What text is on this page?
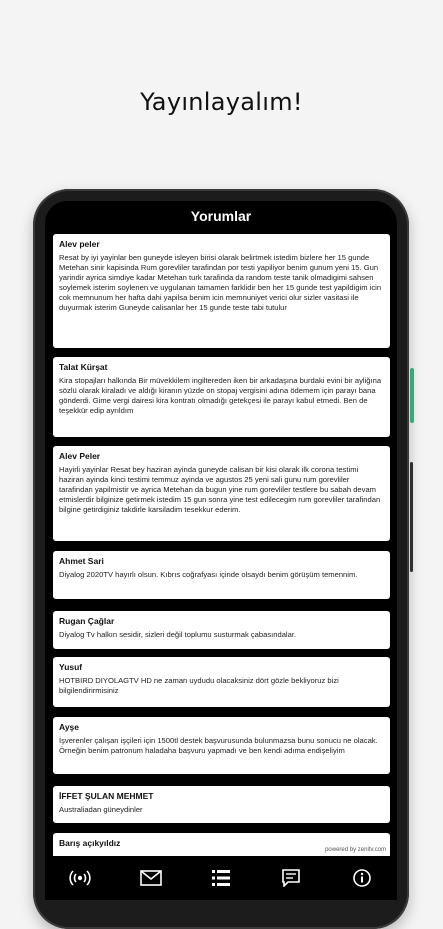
Yayınlayalım!
Yorumlar
Alev peler
Resat by iyi yayinlar ben guneyde isleyen birisi olarak belirtmek istedim bizlere her 15 gunde Metehan sinir kapisinda Rum gorevliler tarafindan por testi yapiliyor benim gunum yeni 15. Gun yarindir ayrica simdiye kadar Metehan turk tarafinda da random teste tanik olmadigimi sahsen soylemek isterim soylenen ve uygulanan tamamen farklidir ben her 15 gunde test yapildigim icin cok memnunum her hafta dahi yapilsa benim icin memnuniyet verici olur sizler vasitasi ile duyurmak isterim Guneyde calisanlar her 15 gunde teste tabi tutulur
Talat Kürşat
Kira stopajları halkında Bir müvekkilem ingiltereden iken bir arkadaşına burdaki evini bir ayliğına sözlü olarak kiraladı ve aldığı kiranın yüzde on stopaj vergisini adına ödemem için parayı bana gönderdi. Gime vergi dairesi kira kontratı olmadığı getekçesi ile parayı kabul etmedi. Ben de teşekkür edip ayrıldım
Alev Peler
Hayirli yayinlar Resat bey haziran ayinda guneyde calisan bir kisi olarak ilk corona testimi haziran ayinda kinci testimi temmuz ayinda ve agustos 25 yeni sali gunu rum gorevliler tarafindan yapilmistir ve ayrica Metehan da bugun yine rum gorevliler testlere bu sabah devam etmislerdir bilginize getirmek istedim 15 gun sonra yine test edilecegim rum gorevliler tarafindan bilgine getirdiginiz takdirle karsiladim tesekkur ederim.
Ahmet Sari
Diyalog 2020TV hayırlı olsun. Kıbrıs coğrafyası içinde olsaydı benim görüşüm temennim.
Rugan Çağlar
Diyalog Tv halkın sesidir, sizleri değil toplumu susturmak çabasındalar.
Yusuf
HOTBIRD DIYOLAGTV HD ne zaman uydudu olacaksiniz dört gözle bekliyoruz bizi bilgilendirirmisiniz
Ayşe
İşverenler çalışan işçileri için 1500tl destek başvurusunda bulunmazsa bunu sonucu ne olacak. Örneğin benim patronum haladaha başvuru yapmadı ve ben kendi adıma endişeliyim
İFFET ŞULAN MEHMET
Australiadan güneydinler
Barış açıkyıldız
powered by zenitv.com
